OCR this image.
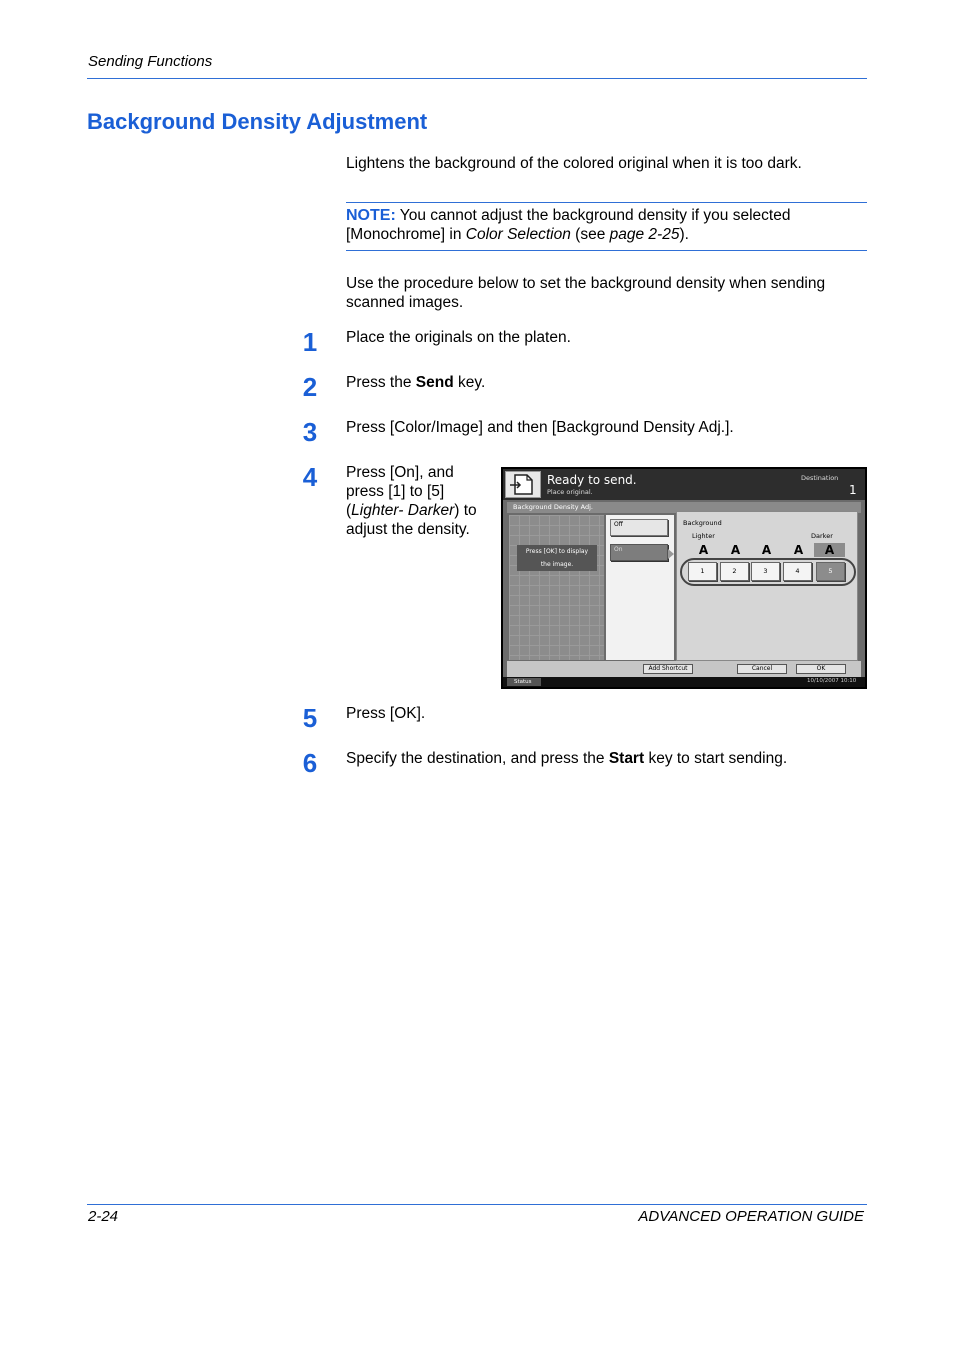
Sending Functions
Background Density Adjustment
Lightens the background of the colored original when it is too dark.
NOTE: You cannot adjust the background density if you selected [Monochrome] in Color Selection (see page 2-25).
Use the procedure below to set the background density when sending scanned images.
1	Place the originals on the platen.
2	Press the Send key.
3	Press [Color/Image] and then [Background Density Adj.].
4	Press [On], and press [1] to [5] (Lighter- Darker) to adjust the density.
Ready to send.
Place original.
Destination
1
Background Density Adj.
Press [OK] to display
the image.
Off
On
Background
Lighter	Darker
A	A	A	A	A
1	2	3	4	5
Add Shortcut	Cancel	OK
Status	10/10/2007 10:10
5	Press [OK].
6	Specify the destination, and press the Start key to start sending.
2-24	ADVANCED OPERATION GUIDE
